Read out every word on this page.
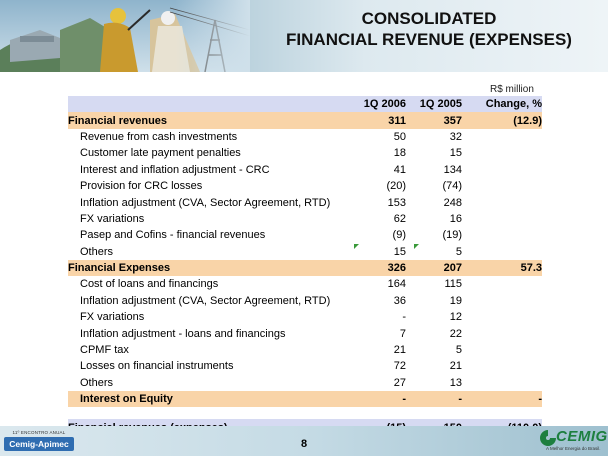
CONSOLIDATED
FINANCIAL REVENUE (EXPENSES)
R$ million
	1Q 2006	1Q 2005	Change, %
Financial revenues	311	357	(12.9)
Revenue from cash investments	50	32	
Customer late payment penalties	18	15	
Interest and inflation adjustment - CRC	41	134	
Provision for CRC losses	(20)	(74)	
Inflation adjustment (CVA, Sector Agreement, RTD)	153	248	
FX variations	62	16	
Pasep and Cofins - financial revenues	(9)	(19)	
Others	15	5	
Financial Expenses	326	207	57.3
Cost of loans and financings	164	115	
Inflation adjustment (CVA, Sector Agreement, RTD)	36	19	
FX variations	-	12	
Inflation adjustment - loans and financings	7	22	
CPMF tax	21	5	
Losses on financial instruments	72	21	
Others	27	13	
Interest on Equity	-	-	-

11º ENCONTRO ANUAL
Cemig-Apimec	8	CEMIG
A Melhor Energia do Brasil.
